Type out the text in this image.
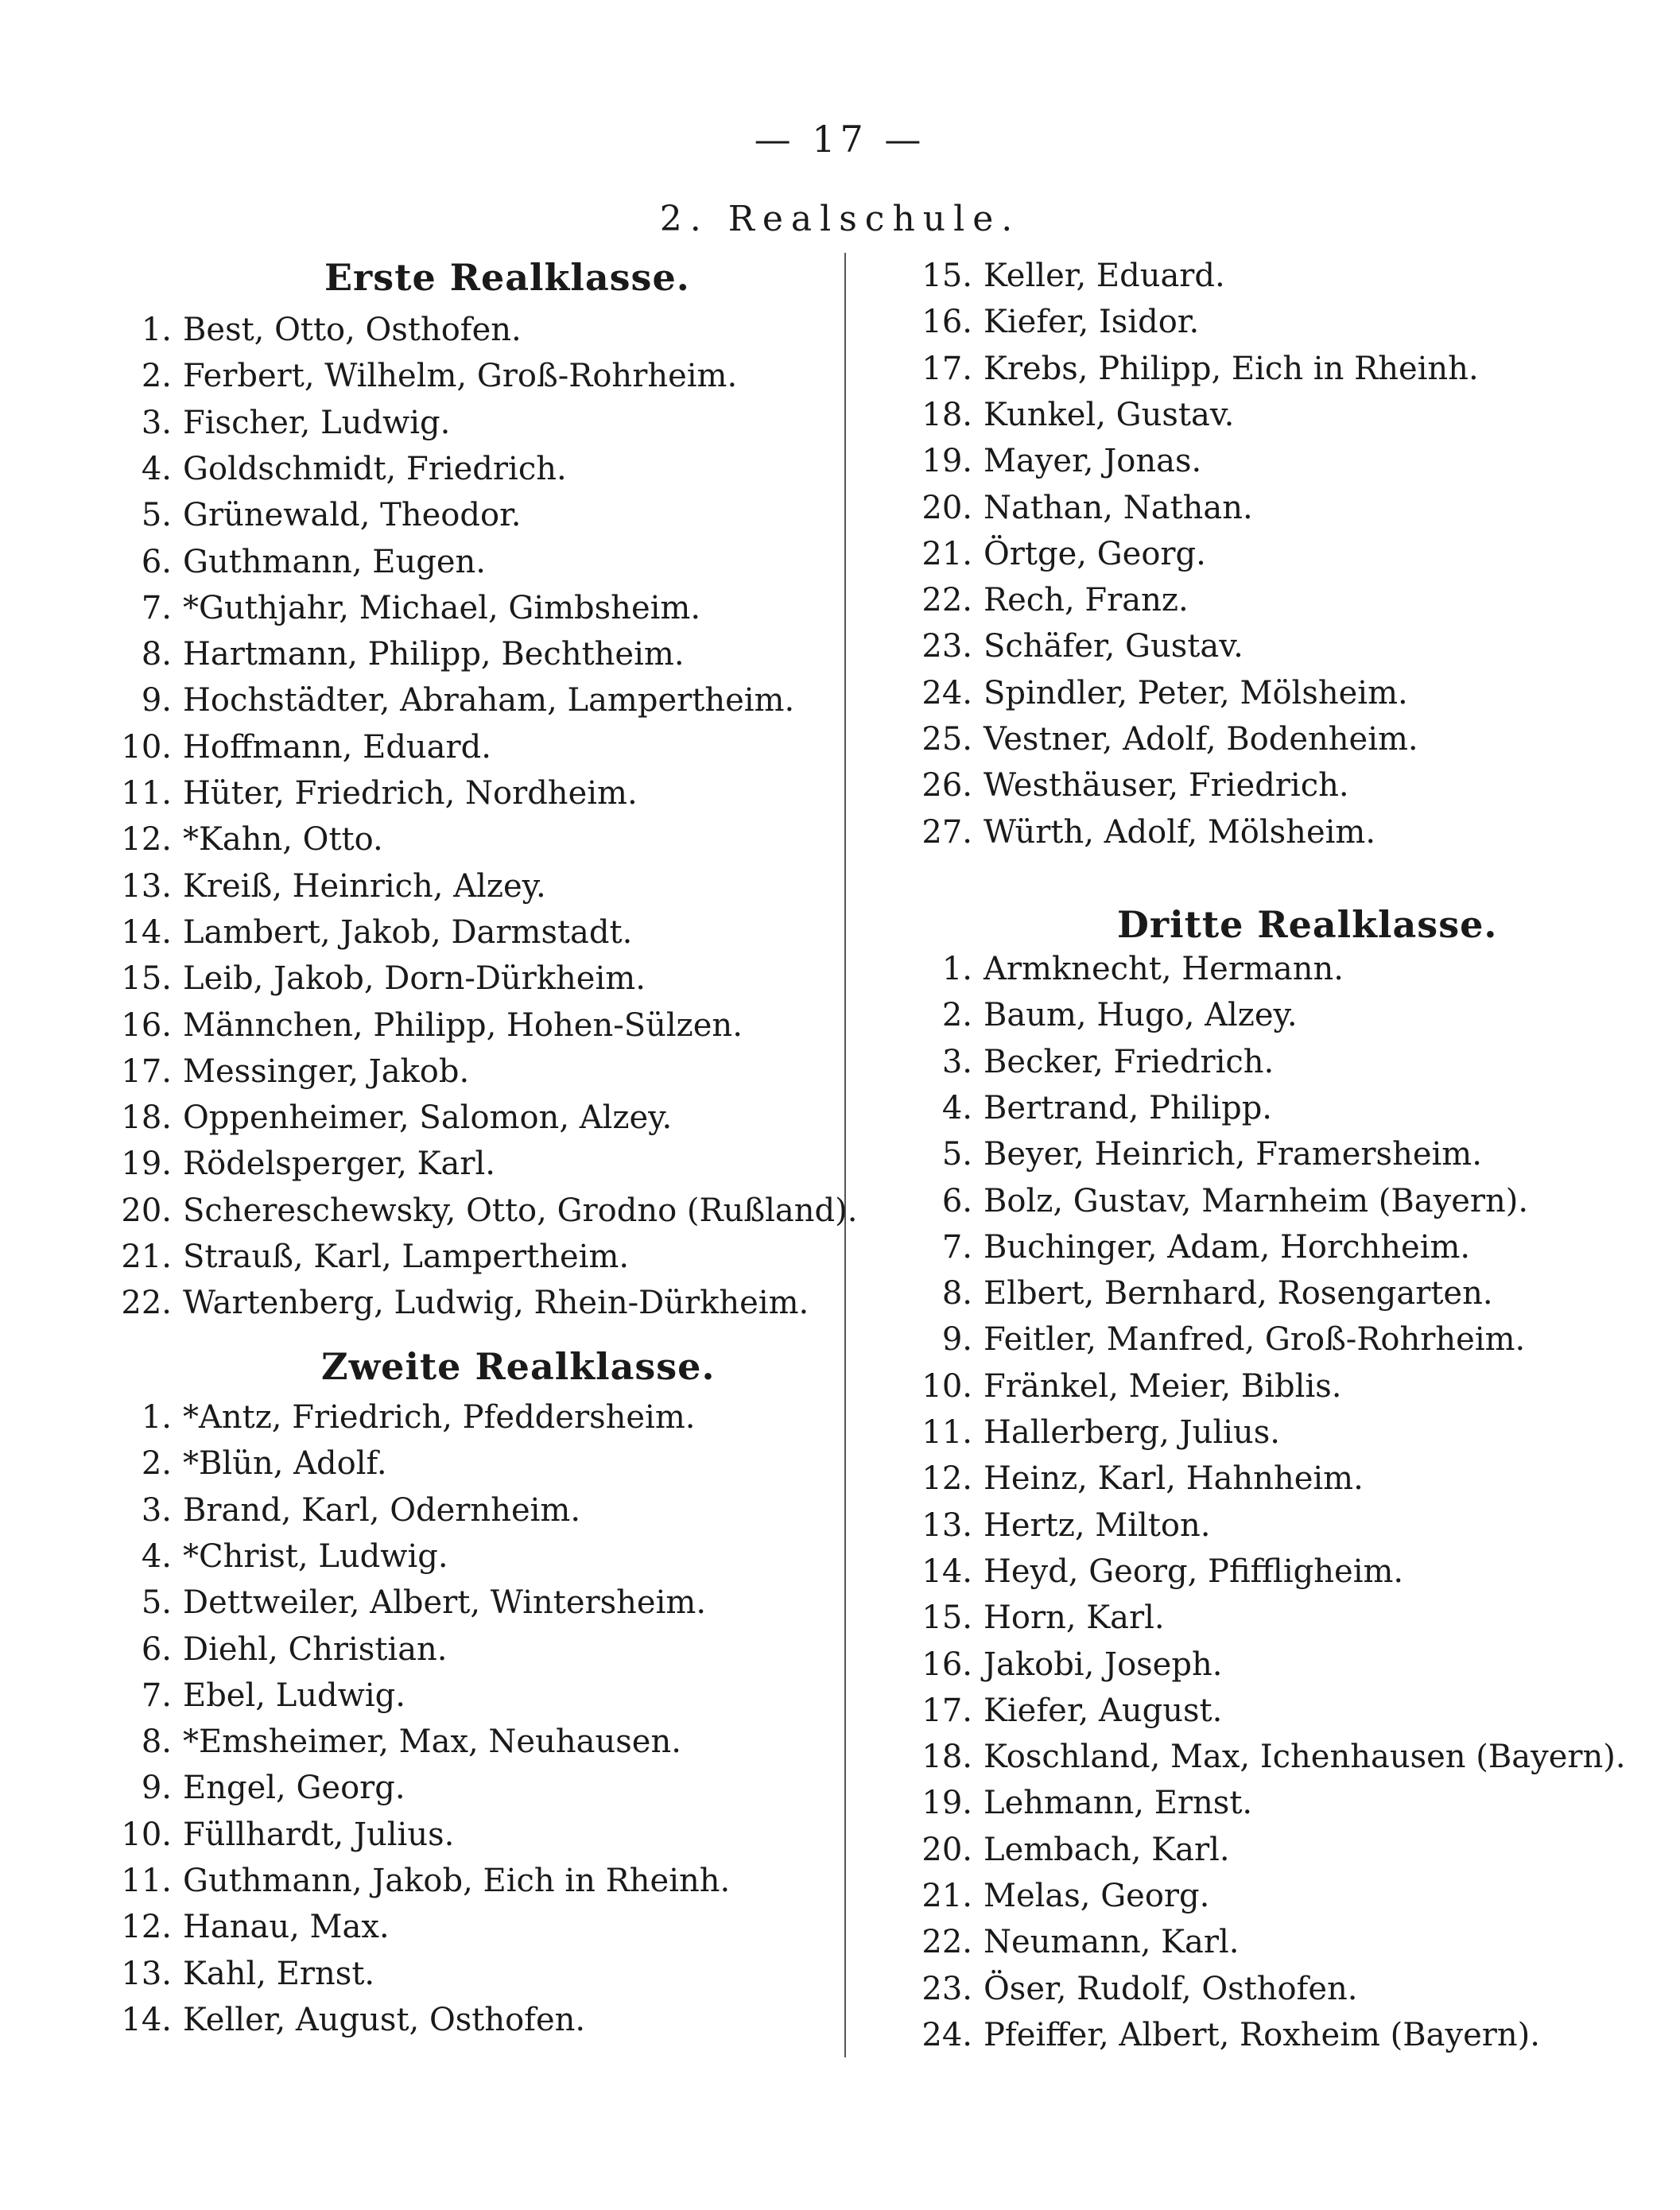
— 17 —
2. Realschule.
Erste Realklasse.
1. Best, Otto, Osthofen.
2. Ferbert, Wilhelm, Groß-Rohrheim.
3. Fischer, Ludwig.
4. Goldschmidt, Friedrich.
5. Grünewald, Theodor.
6. Guthmann, Eugen.
7. *Guthjahr, Michael, Gimbsheim.
8. Hartmann, Philipp, Bechtheim.
9. Hochstädter, Abraham, Lampertheim.
10. Hoffmann, Eduard.
11. Hüter, Friedrich, Nordheim.
12. *Kahn, Otto.
13. Kreiß, Heinrich, Alzey.
14. Lambert, Jakob, Darmstadt.
15. Leib, Jakob, Dorn-Dürkheim.
16. Männchen, Philipp, Hohen-Sülzen.
17. Messinger, Jakob.
18. Oppenheimer, Salomon, Alzey.
19. Rödelsperger, Karl.
20. Schereschewsky, Otto, Grodno (Rußland).
21. Strauß, Karl, Lampertheim.
22. Wartenberg, Ludwig, Rhein-Dürkheim.
Zweite Realklasse.
1. *Antz, Friedrich, Pfeddersheim.
2. *Blün, Adolf.
3. Brand, Karl, Odernheim.
4. *Christ, Ludwig.
5. Dettweiler, Albert, Wintersheim.
6. Diehl, Christian.
7. Ebel, Ludwig.
8. *Emsheimer, Max, Neuhausen.
9. Engel, Georg.
10. Füllhardt, Julius.
11. Guthmann, Jakob, Eich in Rheinh.
12. Hanau, Max.
13. Kahl, Ernst.
14. Keller, August, Osthofen.
15. Keller, Eduard.
16. Kiefer, Isidor.
17. Krebs, Philipp, Eich in Rheinh.
18. Kunkel, Gustav.
19. Mayer, Jonas.
20. Nathan, Nathan.
21. Örtge, Georg.
22. Rech, Franz.
23. Schäfer, Gustav.
24. Spindler, Peter, Mölsheim.
25. Vestner, Adolf, Bodenheim.
26. Westhäuser, Friedrich.
27. Würth, Adolf, Mölsheim.
Dritte Realklasse.
1. Armknecht, Hermann.
2. Baum, Hugo, Alzey.
3. Becker, Friedrich.
4. Bertrand, Philipp.
5. Beyer, Heinrich, Framersheim.
6. Bolz, Gustav, Marnheim (Bayern).
7. Buchinger, Adam, Horchheim.
8. Elbert, Bernhard, Rosengarten.
9. Feitler, Manfred, Groß-Rohrheim.
10. Fränkel, Meier, Biblis.
11. Hallerberg, Julius.
12. Heinz, Karl, Hahnheim.
13. Hertz, Milton.
14. Heyd, Georg, Pfiffligheim.
15. Horn, Karl.
16. Jakobi, Joseph.
17. Kiefer, August.
18. Koschland, Max, Ichenhausen (Bayern).
19. Lehmann, Ernst.
20. Lembach, Karl.
21. Melas, Georg.
22. Neumann, Karl.
23. Öser, Rudolf, Osthofen.
24. Pfeiffer, Albert, Roxheim (Bayern).
